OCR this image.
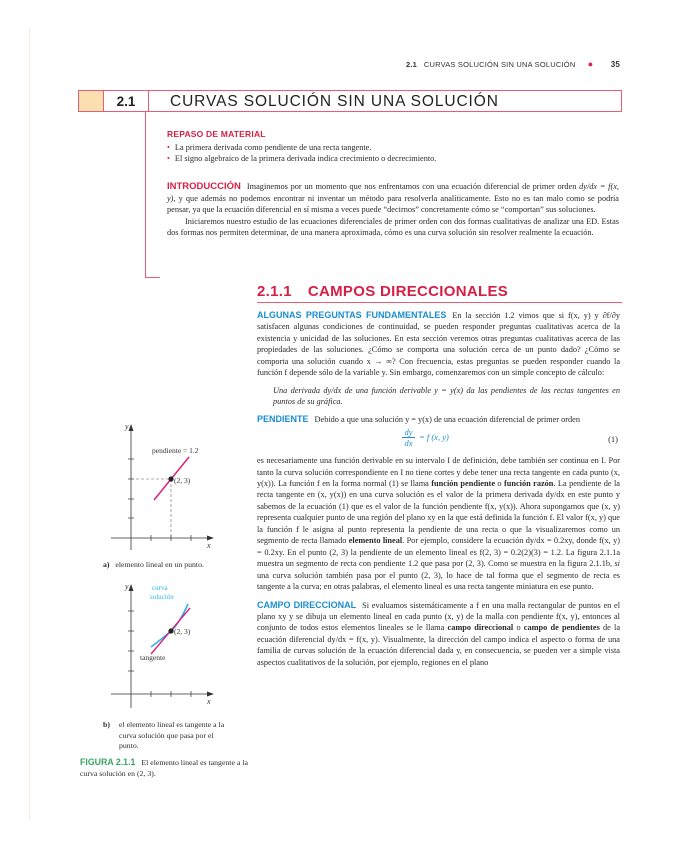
2.1 CURVAS SOLUCIÓN SIN UNA SOLUCIÓN ● 35
2.1	CURVAS SOLUCIÓN SIN UNA SOLUCIÓN
REPASO DE MATERIAL
• La primera derivada como pendiente de una recta tangente.
• El signo algebraico de la primera derivada indica crecimiento o decrecimiento.

INTRODUCCIÓN Imaginemos por un momento que nos enfrentamos con una ecuación diferencial de primer orden dy/dx = f(x, y), y que además no podemos encontrar ni inventar un método para resolverla analíticamente. Esto no es tan malo como se podría pensar, ya que la ecuación diferencial en sí misma a veces puede “decirnos” concretamente cómo se “comportan” sus soluciones.

Iniciaremos nuestro estudio de las ecuaciones diferenciales de primer orden con dos formas cualitativas de analizar una ED. Estas dos formas nos permiten determinar, de una manera aproximada, cómo es una curva solución sin resolver realmente la ecuación.

2.1.1 CAMPOS DIRECCIONALES

ALGUNAS PREGUNTAS FUNDAMENTALES En la sección 1.2 vimos que si f(x, y) y ∂f/∂y satisfacen algunas condiciones de continuidad, se pueden responder preguntas cualitativas acerca de la existencia y unicidad de las soluciones. En esta sección veremos otras preguntas cualitativas acerca de las propiedades de las soluciones. ¿Cómo se comporta una solución cerca de un punto dado? ¿Cómo se comporta una solución cuando x → ∞? Con frecuencia, estas preguntas se pueden responder cuando la función f depende sólo de la variable y. Sin embargo, comenzaremos con un simple concepto de cálculo:

Una derivada dy/dx de una función derivable y = y(x) da las pendientes de las rectas tangentes en puntos de su gráfica.

PENDIENTE Debido a que una solución y = y(x) de una ecuación diferencial de primer orden

$\frac{dy}{dx} = f$ (x, y)	(1)

es necesariamente una función derivable en su intervalo I de definición, debe también ser continua en I. Por tanto la curva solución correspondiente en I no tiene cortes y debe tener una recta tangente en cada punto (x, y(x)). La función f en la forma normal (1) se llama función pendiente o función razón. La pendiente de la recta tangente en (x, y(x)) en una curva solución es el valor de la primera derivada dy/dx en este punto y sabemos de la ecuación (1) que es el valor de la función pendiente f(x, y(x)). Ahora supongamos que (x, y) representa cualquier punto de una región del plano xy en la que está definida la función f. El valor f(x, y) que la función f le asigna al punto representa la pendiente de una recta o que la visualizaremos como un segmento de recta llamado elemento lineal. Por ejemplo, considere la ecuación dy/dx = 0.2xy, donde f(x, y) = 0.2xy. En el punto (2, 3) la pendiente de un elemento lineal es f(2, 3) = 0.2(2)(3) = 1.2. La figura 2.1.1a muestra un segmento de recta con pendiente 1.2 que pasa por (2, 3). Como se muestra en la figura 2.1.1b, si una curva solución también pasa por el punto (2, 3), lo hace de tal forma que el segmento de recta es tangente a la curva; en otras palabras, el elemento lineal es una recta tangente miniatura en ese punto.

CAMPO DIRECCIONAL Si evaluamos sistemáticamente a f en una malla rectangular de puntos en el plano xy y se dibuja un elemento lineal en cada punto (x, y) de la malla con pendiente f(x, y), entonces al conjunto de todos estos elementos lineales se le llama campo direccional o campo de pendientes de la ecuación diferencial dy/dx = f(x, y). Visualmente, la dirección del campo indica el aspecto o forma de una familia de curvas solución de la ecuación diferencial dada y, en consecuencia, se pueden ver a simple vista aspectos cualitativos de la solución, por ejemplo, regiones en el plano

y
x
pendiente = 1.2
(2, 3)
a) elemento lineal en un punto.
y
x
curva
solución
(2, 3)
tangente
b)	el elemento lineal es tangente a la curva solución que pasa por el punto.
FIGURA 2.1.1 El elemento lineal es tangente a la curva solución en (2, 3).
